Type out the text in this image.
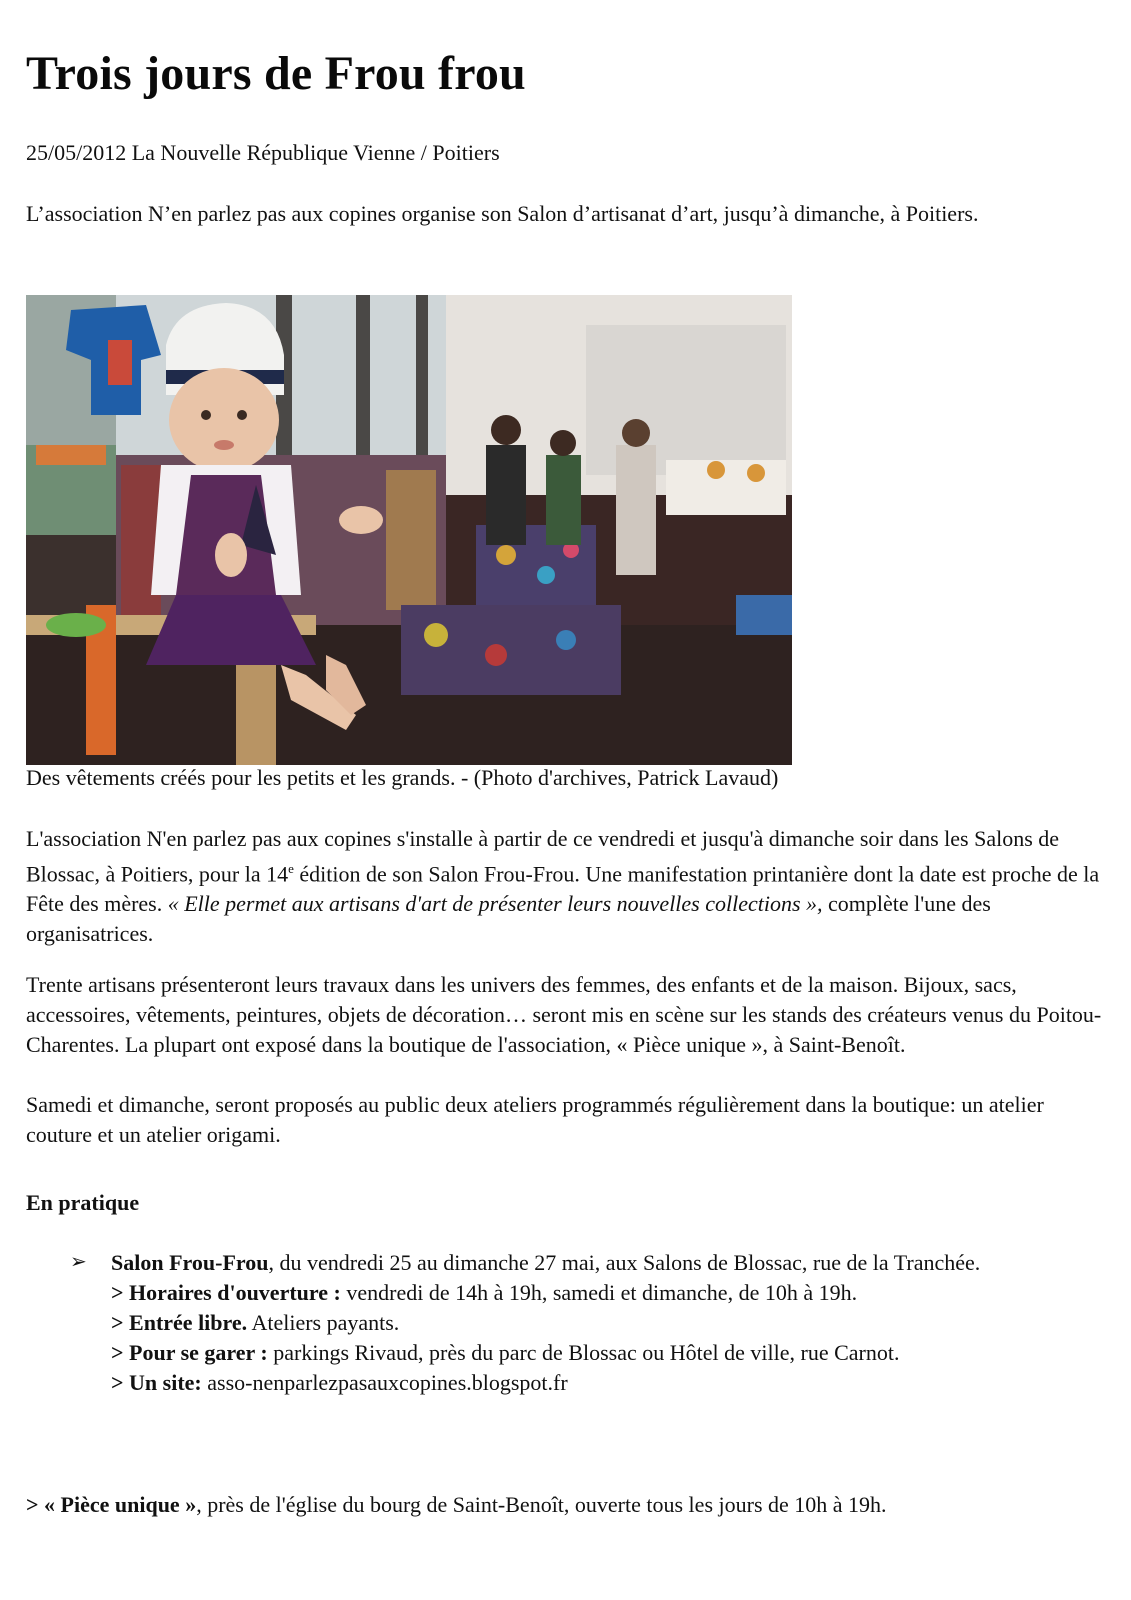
Trois jours de Frou frou
25/05/2012 La Nouvelle République Vienne / Poitiers
L’association N’en parlez pas aux copines organise son Salon d’artisanat d’art, jusqu’à dimanche, à Poitiers.
Des vêtements créés pour les petits et les grands. - (Photo d'archives, Patrick Lavaud)
L'association N'en parlez pas aux copines s'installe à partir de ce vendredi et jusqu'à dimanche soir dans les Salons de Blossac, à Poitiers, pour la 14e édition de son Salon Frou-Frou. Une manifestation printanière dont la date est proche de la Fête des mères. « Elle permet aux artisans d'art de présenter leurs nouvelles collections », complète l'une des organisatrices.
Trente artisans présenteront leurs travaux dans les univers des femmes, des enfants et de la maison. Bijoux, sacs, accessoires, vêtements, peintures, objets de décoration… seront mis en scène sur les stands des créateurs venus du Poitou-Charentes. La plupart ont exposé dans la boutique de l'association, « Pièce unique », à Saint-Benoît.
Samedi et dimanche, seront proposés au public deux ateliers programmés régulièrement dans la boutique: un atelier couture et un atelier origami.
En pratique
➢ Salon Frou-Frou, du vendredi 25 au dimanche 27 mai, aux Salons de Blossac, rue de la Tranchée.
> Horaires d'ouverture : vendredi de 14h à 19h, samedi et dimanche, de 10h à 19h.
> Entrée libre. Ateliers payants.
> Pour se garer : parkings Rivaud, près du parc de Blossac ou Hôtel de ville, rue Carnot.
> Un site: asso-nenparlezpasauxcopines.blogspot.fr
> « Pièce unique », près de l'église du bourg de Saint-Benoît, ouverte tous les jours de 10h à 19h.
